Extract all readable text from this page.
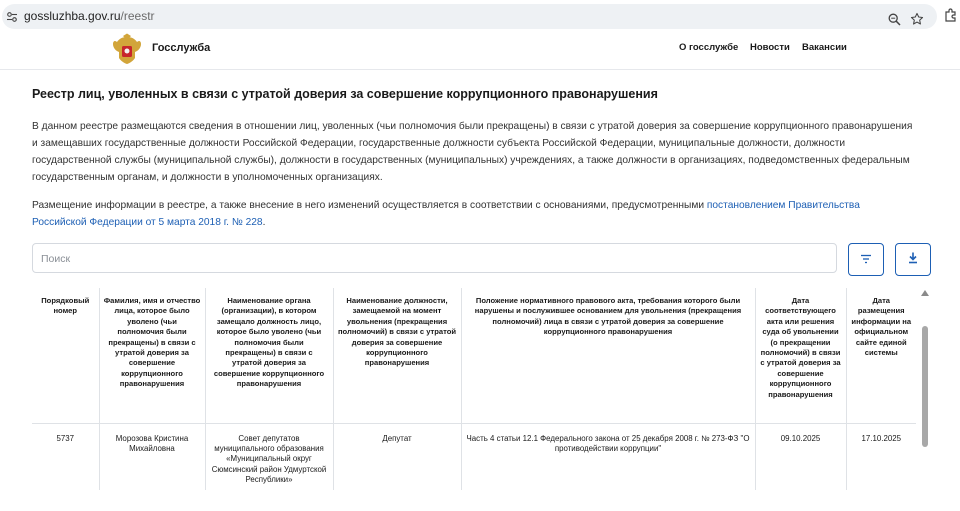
gossluzhba.gov.ru/reestr
Госслужба	О госслужбе Новости Вакансии
Реестр лиц, уволенных в связи с утратой доверия за совершение коррупционного правонарушения

В данном реестре размещаются сведения в отношении лиц, уволенных (чьи полномочия были прекращены) в связи с утратой доверия за совершение коррупционного правонарушения и замещавших государственные должности Российской Федерации, государственные должности субъекта Российской Федерации, муниципальные должности, должности государственной службы (муниципальной службы), должности в государственных (муниципальных) учреждениях, а также должности в организациях, подведомственных федеральным государственным органам, и должности в уполномоченных организациях.

Размещение информации в реестре, а также внесение в него изменений осуществляется в соответствии с основаниями, предусмотренными постановлением Правительства Российской Федерации от 5 марта 2018 г. № 228.

Поиск
Порядковый номер	Фамилия, имя и отчество лица, которое было уволено (чьи полномочия были прекращены) в связи с утратой доверия за совершение коррупционного правонарушения	Наименование органа (организации), в котором замещало должность лицо, которое было уволено (чьи полномочия были прекращены) в связи с утратой доверия за совершение коррупционного правонарушения	Наименование должности, замещаемой на момент увольнения (прекращения полномочий) в связи с утратой доверия за совершение коррупционного правонарушения	Положение нормативного правового акта, требования которого были нарушены и послужившее основанием для увольнения (прекращения полномочий) лица в связи с утратой доверия за совершение коррупционного правонарушения	Дата соответствующего акта или решения суда об увольнении (о прекращении полномочий) в связи с утратой доверия за совершение коррупционного правонарушения	Дата размещения информации на официальном сайте единой системы
5737	Морозова Кристина Михайловна	Совет депутатов муниципального образования «Муниципальный округ Сюмсинский район Удмуртской Республики»	Депутат	Часть 4 статьи 12.1 Федерального закона от 25 декабря 2008 г. № 273-ФЗ "О противодействии коррупции"	09.10.2025	17.10.2025
